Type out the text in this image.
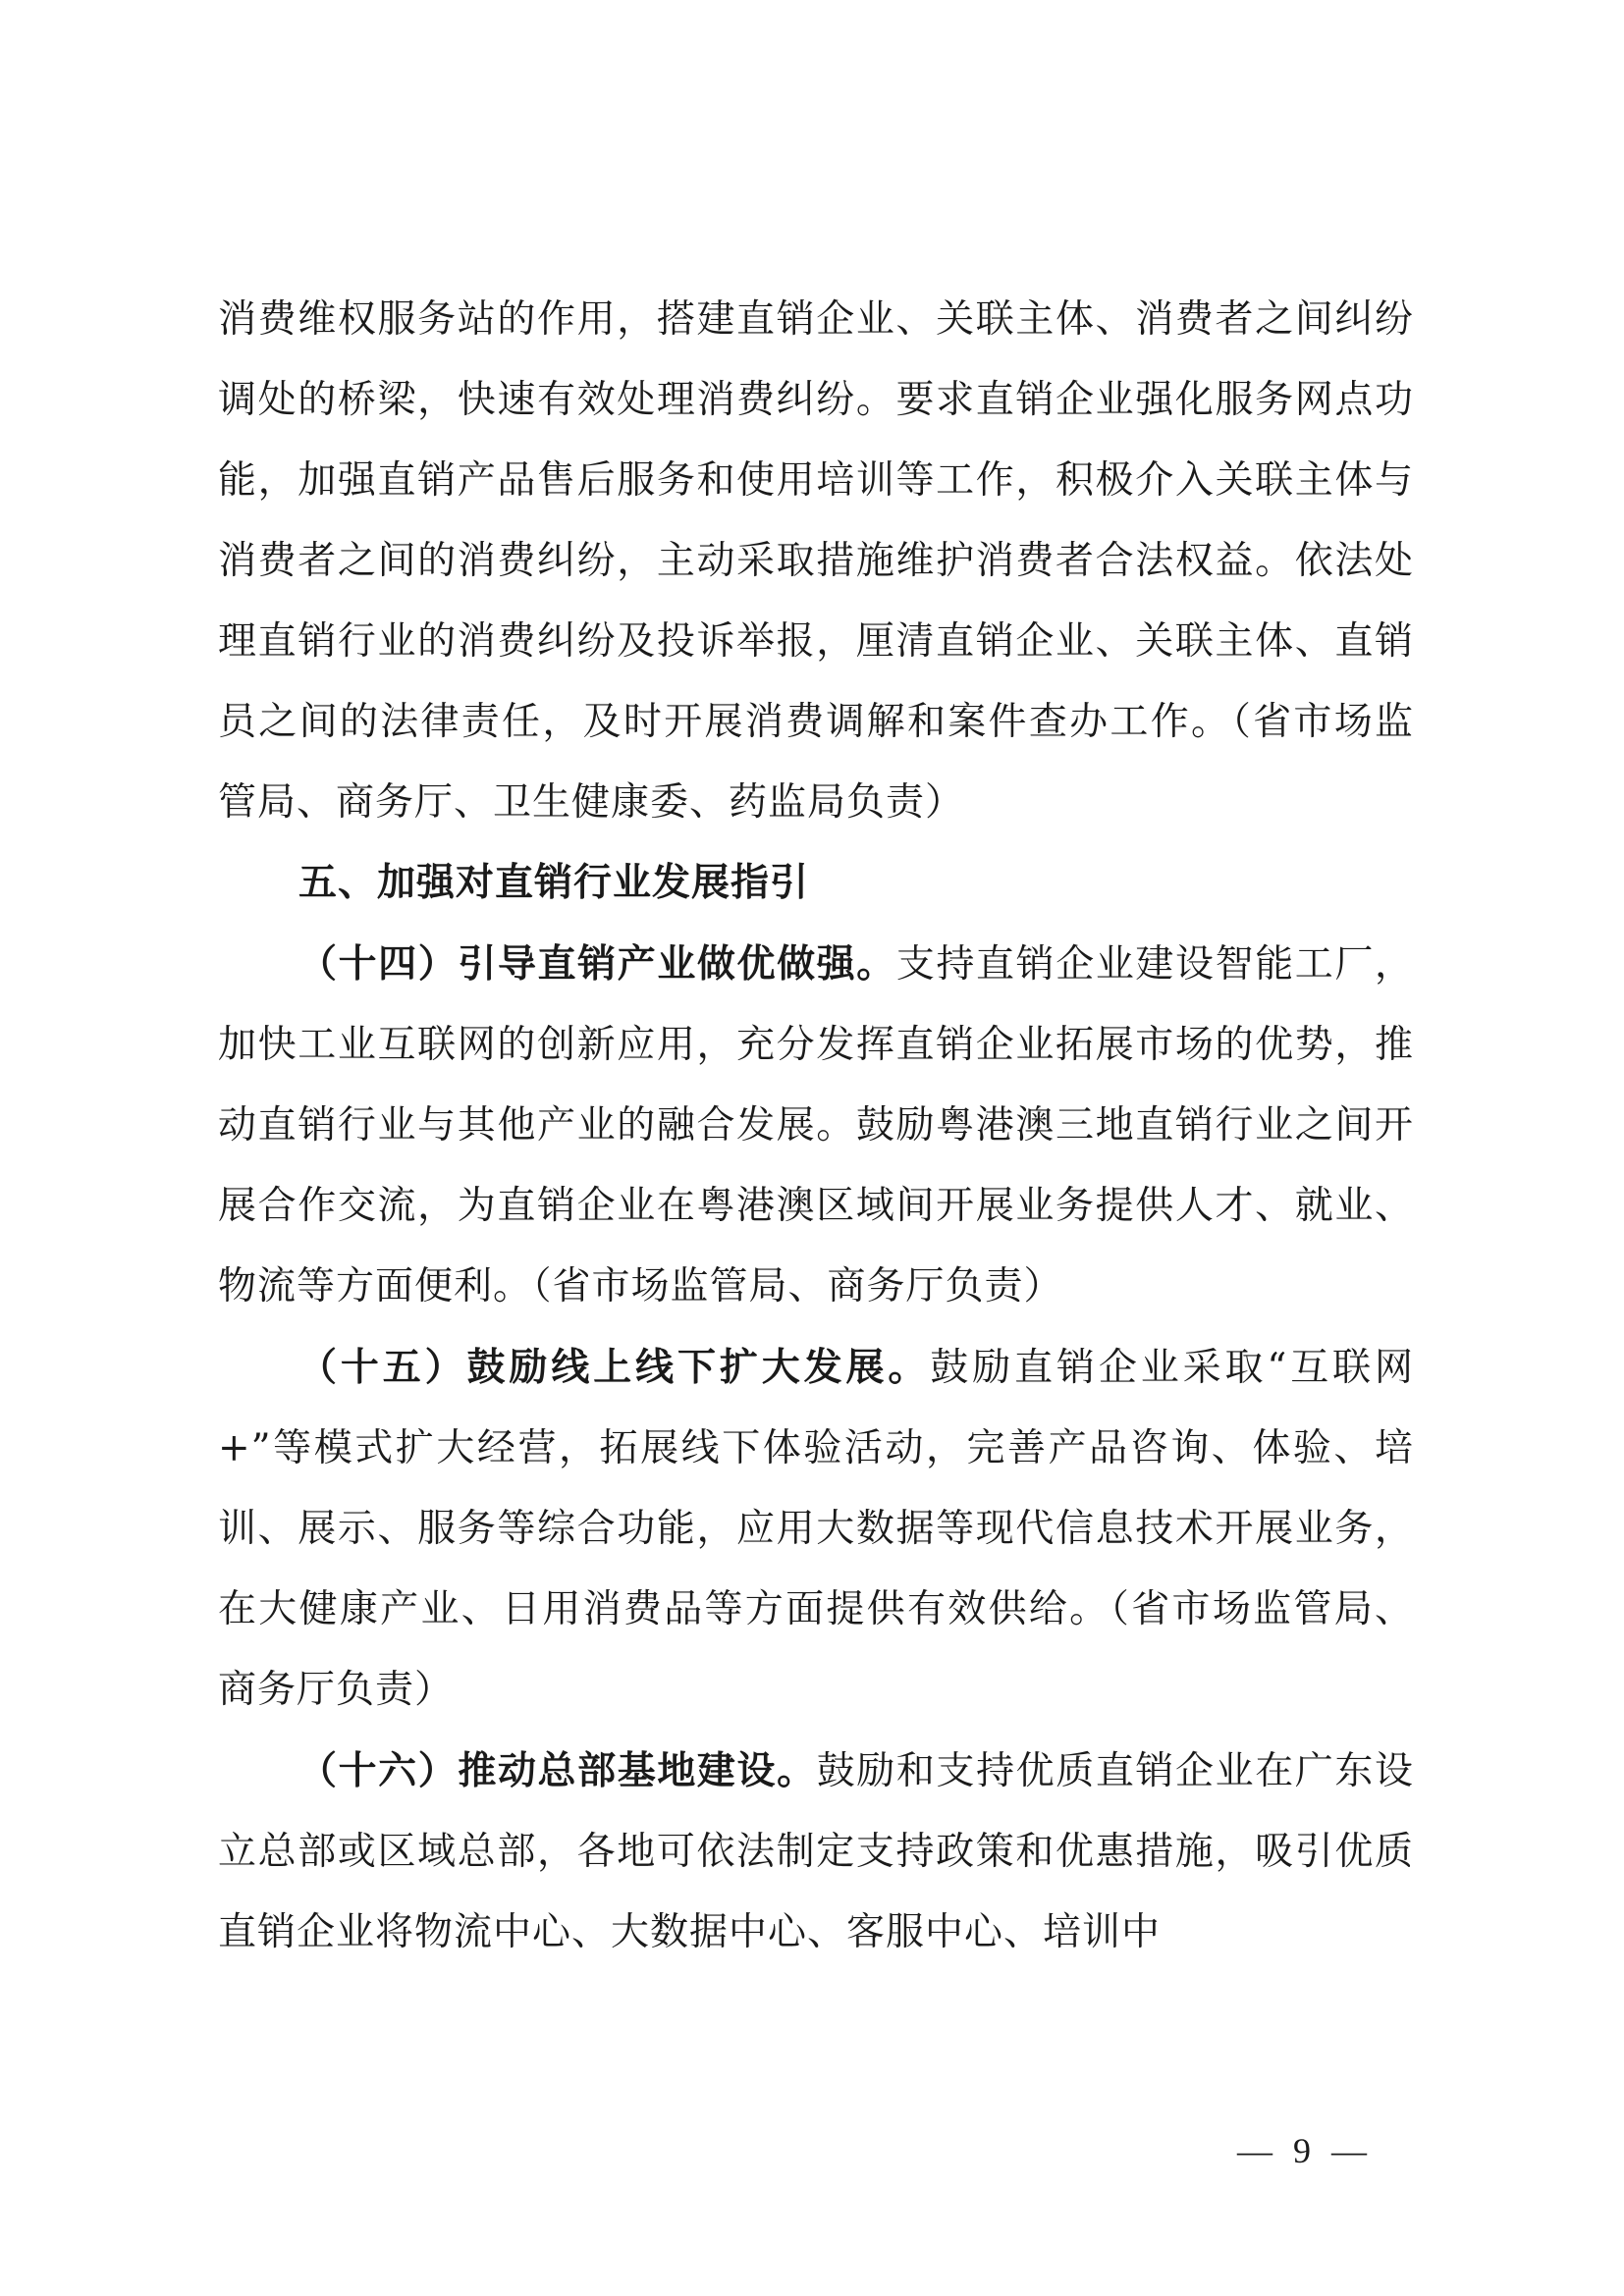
消费维权服务站的作用，搭建直销企业、关联主体、消费者之间纠纷调处的桥梁，快速有效处理消费纠纷。要求直销企业强化服务网点功能，加强直销产品售后服务和使用培训等工作，积极介入关联主体与消费者之间的消费纠纷，主动采取措施维护消费者合法权益。依法处理直销行业的消费纠纷及投诉举报，厘清直销企业、关联主体、直销员之间的法律责任，及时开展消费调解和案件查办工作。（省市场监管局、商务厅、卫生健康委、药监局负责）

五、加强对直销行业发展指引

（十四）引导直销产业做优做强。支持直销企业建设智能工厂，加快工业互联网的创新应用，充分发挥直销企业拓展市场的优势，推动直销行业与其他产业的融合发展。鼓励粤港澳三地直销行业之间开展合作交流，为直销企业在粤港澳区域间开展业务提供人才、就业、物流等方面便利。（省市场监管局、商务厅负责）

（十五）鼓励线上线下扩大发展。鼓励直销企业采取“互联网+”等模式扩大经营，拓展线下体验活动，完善产品咨询、体验、培训、展示、服务等综合功能，应用大数据等现代信息技术开展业务，在大健康产业、日用消费品等方面提供有效供给。（省市场监管局、商务厅负责）

（十六）推动总部基地建设。鼓励和支持优质直销企业在广东设立总部或区域总部，各地可依法制定支持政策和优惠措施，吸引优质直销企业将物流中心、大数据中心、客服中心、培训中

— 9 —
